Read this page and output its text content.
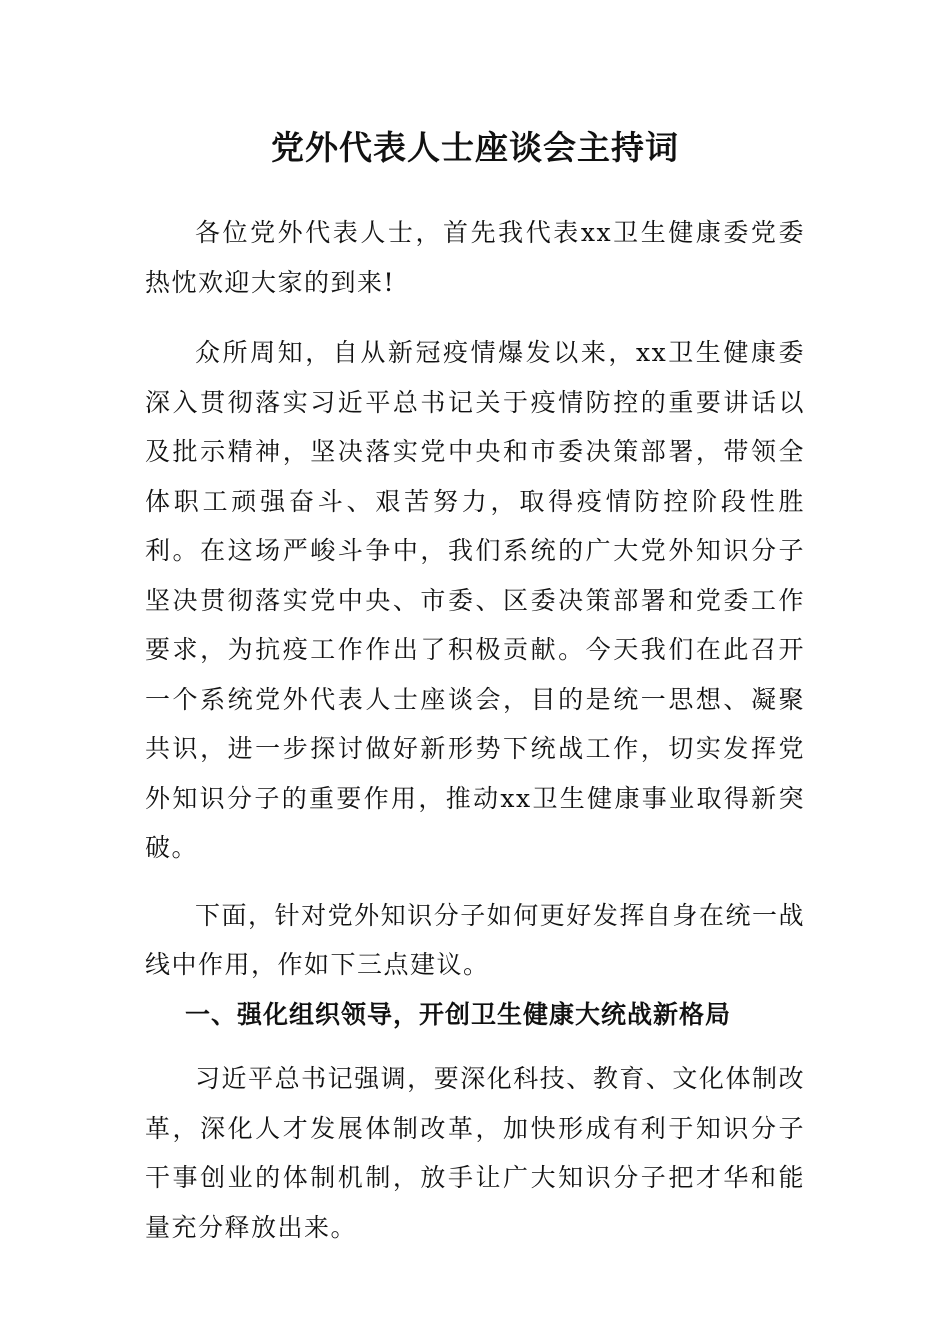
党外代表人士座谈会主持词

各位党外代表人士，首先我代表xx卫生健康委党委热忱欢迎大家的到来!

众所周知，自从新冠疫情爆发以来，xx卫生健康委深入贯彻落实习近平总书记关于疫情防控的重要讲话以及批示精神，坚决落实党中央和市委决策部署，带领全体职工顽强奋斗、艰苦努力，取得疫情防控阶段性胜利。在这场严峻斗争中，我们系统的广大党外知识分子坚决贯彻落实党中央、市委、区委决策部署和党委工作要求，为抗疫工作作出了积极贡献。今天我们在此召开一个系统党外代表人士座谈会，目的是统一思想、凝聚共识，进一步探讨做好新形势下统战工作，切实发挥党外知识分子的重要作用，推动xx卫生健康事业取得新突破。

下面，针对党外知识分子如何更好发挥自身在统一战线中作用，作如下三点建议。

一、强化组织领导，开创卫生健康大统战新格局

习近平总书记强调，要深化科技、教育、文化体制改革，深化人才发展体制改革，加快形成有利于知识分子干事创业的体制机制，放手让广大知识分子把才华和能量充分释放出来。
